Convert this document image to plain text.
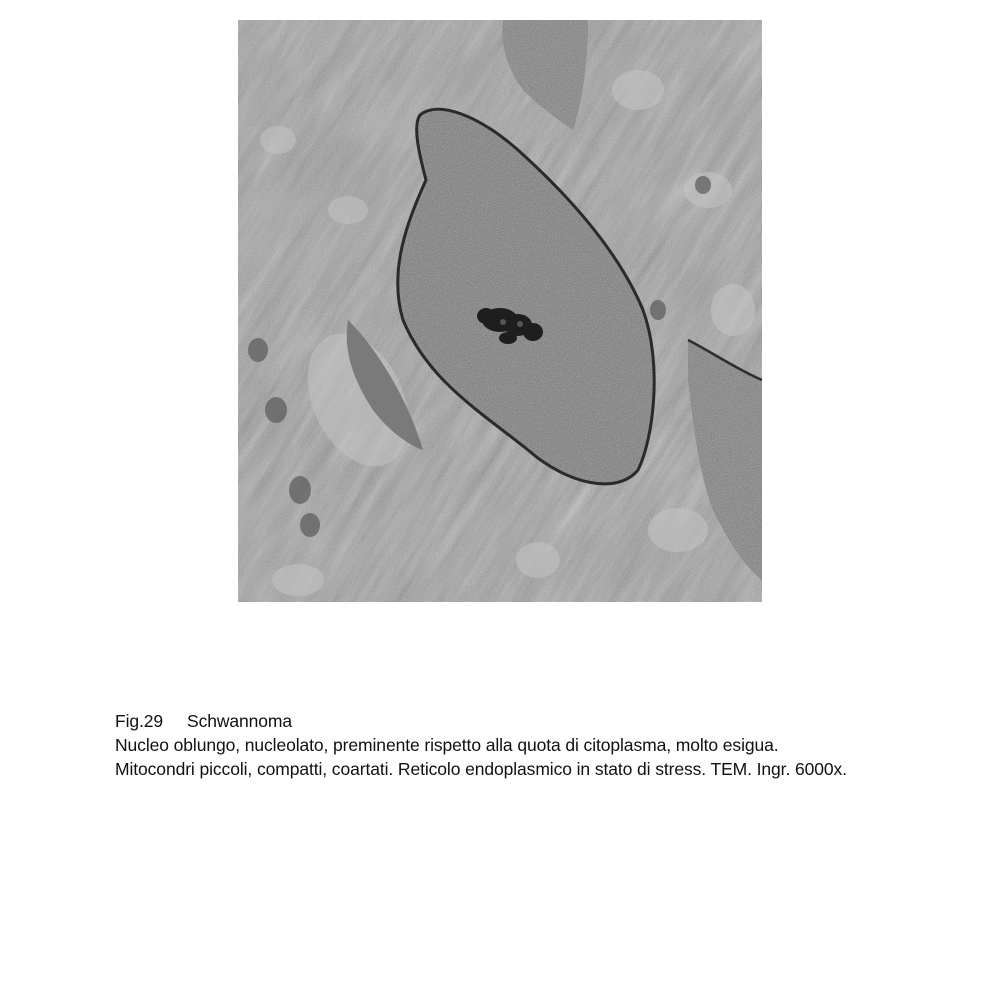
Fig.29 Schwannoma
Nucleo oblungo, nucleolato, preminente rispetto alla quota di citoplasma, molto esigua.
Mitocondri piccoli, compatti, coartati. Reticolo endoplasmico in stato di stress. TEM. Ingr. 6000x.
